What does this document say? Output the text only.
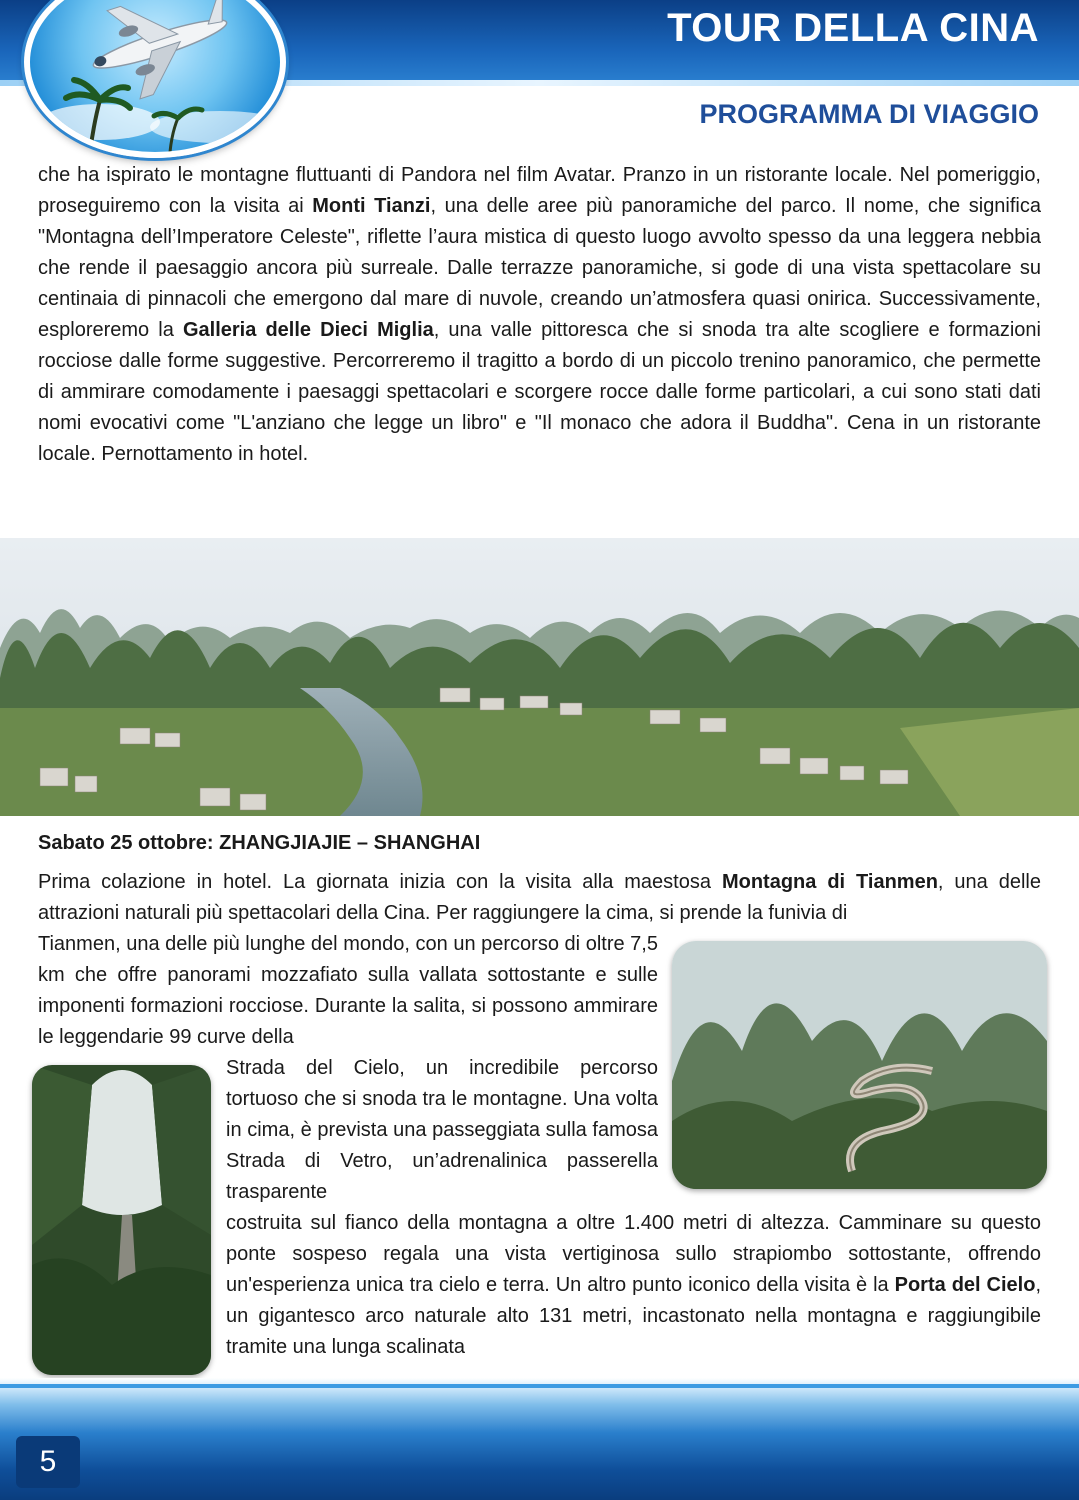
TOUR DELLA CINA
PROGRAMMA DI VIAGGIO
che ha ispirato le montagne fluttuanti di Pandora nel film Avatar. Pranzo in un ristorante locale. Nel pomeriggio, proseguiremo con la visita ai Monti Tianzi, una delle aree più panoramiche del parco. Il nome, che significa "Montagna dell’Imperatore Celeste", riflette l’aura mistica di questo luogo avvolto spesso da una leggera nebbia che rende il paesaggio ancora più surreale. Dalle terrazze panoramiche, si gode di una vista spettacolare su centinaia di pinnacoli che emergono dal mare di nuvole, creando un’atmosfera quasi onirica. Successivamente, esploreremo la Galleria delle Dieci Miglia, una valle pittoresca che si snoda tra alte scogliere e formazioni rocciose dalle forme suggestive. Percorreremo il tragitto a bordo di un piccolo trenino panoramico, che permette di ammirare comodamente i paesaggi spettacolari e scorgere rocce dalle forme particolari, a cui sono stati dati nomi evocativi come "L'anziano che legge un libro" e "Il monaco che adora il Buddha". Cena in un ristorante locale. Pernottamento in hotel.
Sabato 25 ottobre: ZHANGJIAJIE – SHANGHAI
Prima colazione in hotel. La giornata inizia con la visita alla maestosa Montagna di Tianmen, una delle attrazioni naturali più spettacolari della Cina. Per raggiungere la cima, si prende la funivia di
Tianmen, una delle più lunghe del mondo, con un percorso di oltre 7,5 km che offre panorami mozzafiato sulla vallata sottostante e sulle imponenti formazioni rocciose. Durante la salita, si possono ammirare le leggendarie 99 curve della
Strada del Cielo, un incredibile percorso tortuoso che si snoda tra le montagne. Una volta in cima, è prevista una passeggiata sulla famosa Strada di Vetro, un’adrenalinica passerella trasparente
costruita sul fianco della montagna a oltre 1.400 metri di altezza. Camminare su questo ponte sospeso regala una vista vertiginosa sullo strapiombo sottostante, offrendo un'esperienza unica tra cielo e terra. Un altro punto iconico della visita è la Porta del Cielo, un gigantesco arco naturale alto 131 metri, incastonato nella montagna e raggiungibile tramite una lunga scalinata
5
